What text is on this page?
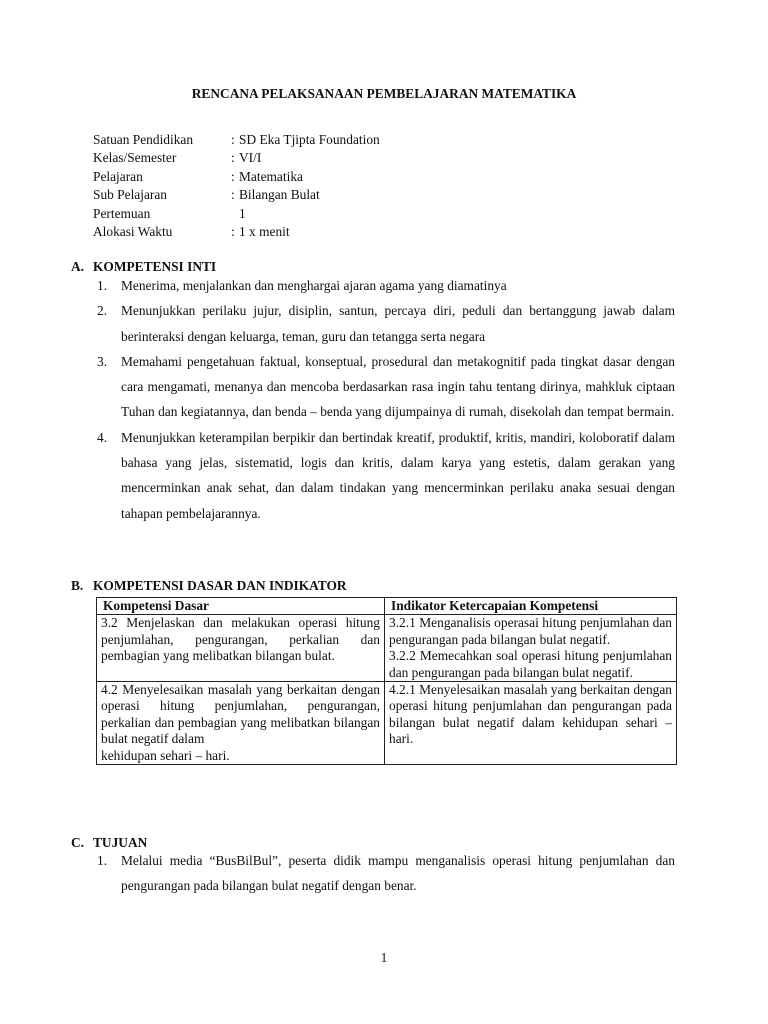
RENCANA PELAKSANAAN PEMBELAJARAN MATEMATIKA
Satuan Pendidikan	: SD Eka Tjipta Foundation
Kelas/Semester	: VI/I
Pelajaran	: Matematika
Sub Pelajaran	: Bilangan Bulat
Pertemuan	1
Alokasi Waktu	: 1 x menit
A. KOMPETENSI INTI
1. Menerima, menjalankan dan menghargai ajaran agama yang diamatinya
2. Menunjukkan perilaku jujur, disiplin, santun, percaya diri, peduli dan bertanggung jawab dalam berinteraksi dengan keluarga, teman, guru dan tetangga serta negara
3. Memahami pengetahuan faktual, konseptual, prosedural dan metakognitif pada tingkat dasar dengan cara mengamati, menanya dan mencoba berdasarkan rasa ingin tahu tentang dirinya, mahkluk ciptaan Tuhan dan kegiatannya, dan benda – benda yang dijumpainya di rumah, disekolah dan tempat bermain.
4. Menunjukkan keterampilan berpikir dan bertindak kreatif, produktif, kritis, mandiri, koloboratif dalam bahasa yang jelas, sistematid, logis dan kritis, dalam karya yang estetis, dalam gerakan yang mencerminkan anak sehat, dan dalam tindakan yang mencerminkan perilaku anaka sesuai dengan tahapan pembelajarannya.
B. KOMPETENSI DASAR DAN INDIKATOR
Kompetensi Dasar	Indikator Ketercapaian Kompetensi

3.2 Menjelaskan dan melakukan operasi hitung penjumlahan, pengurangan, perkalian dan pembagian yang melibatkan bilangan bulat.	3.2.1 Menganalisis operasai hitung penjumlahan dan pengurangan pada bilangan bulat negatif.
3.2.2 Memecahkan soal operasi hitung penjumlahan dan pengurangan pada bilangan bulat negatif.

4.2 Menyelesaikan masalah yang berkaitan dengan operasi hitung penjumlahan, pengurangan, perkalian dan pembagian yang melibatkan bilangan bulat negatif dalam
kehidupan sehari – hari.	4.2.1 Menyelesaikan masalah yang berkaitan dengan operasi hitung penjumlahan dan pengurangan pada bilangan bulat negatif dalam kehidupan sehari – hari.
C. TUJUAN
1. Melalui media “BusBilBul”, peserta didik mampu menganalisis operasi hitung penjumlahan dan pengurangan pada bilangan bulat negatif dengan benar.
1
